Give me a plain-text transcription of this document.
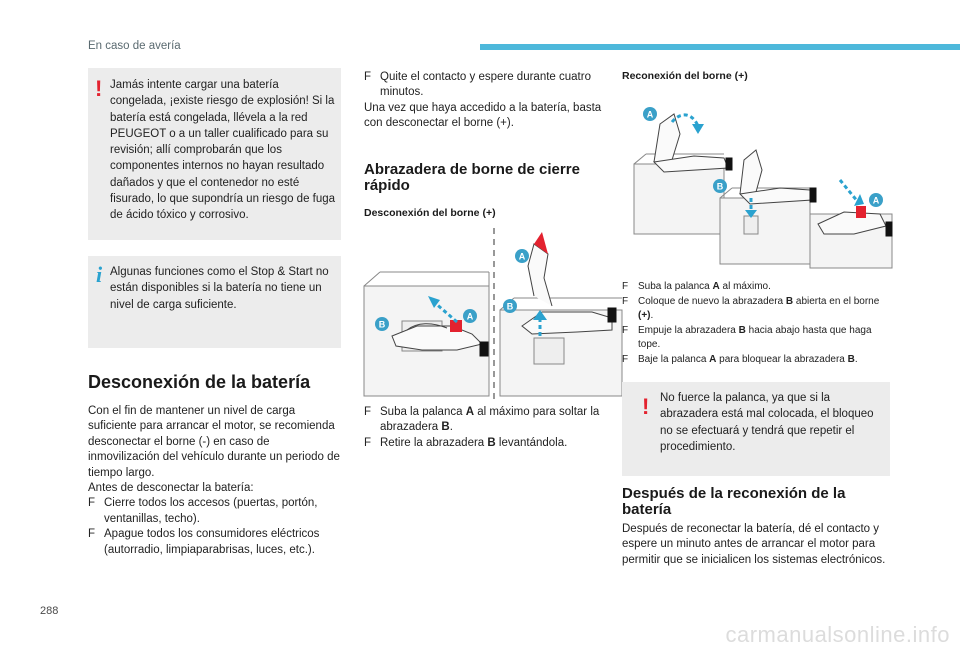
En caso de avería
! Jamás intente cargar una batería congelada, ¡existe riesgo de explosión! Si la batería está congelada, llévela a la red PEUGEOT o a un taller cualificado para su revisión; allí comprobarán que los componentes internos no hayan resultado dañados y que el contenedor no esté fisurado, lo que supondría un riesgo de fuga de ácido tóxico y corrosivo.
i Algunas funciones como el Stop & Start no están disponibles si la batería no tiene un nivel de carga suficiente.
Desconexión de la batería
Con el fin de mantener un nivel de carga suficiente para arrancar el motor, se recomienda desconectar el borne (-) en caso de inmovilización del vehículo durante un periodo de tiempo largo.
Antes de desconectar la batería:
F Cierre todos los accesos (puertas, portón, ventanillas, techo).
F Apague todos los consumidores eléctricos (autorradio, limpiaparabrisas, luces, etc.).
F Quite el contacto y espere durante cuatro minutos.
Una vez que haya accedido a la batería, basta con desconectar el borne (+).
Abrazadera de borne de cierre rápido
Desconexión del borne (+)
B
A
A
B
F Suba la palanca A al máximo para soltar la abrazadera B.
F Retire la abrazadera B levantándola.
Reconexión del borne (+)
A
B
A
F Suba la palanca A al máximo.
F Coloque de nuevo la abrazadera B abierta en el borne (+).
F Empuje la abrazadera B hacia abajo hasta que haga tope.
F Baje la palanca A para bloquear la abrazadera B.
! No fuerce la palanca, ya que si la abrazadera está mal colocada, el bloqueo no se efectuará y tendrá que repetir el procedimiento.
Después de la reconexión de la batería
Después de reconectar la batería, dé el contacto y espere un minuto antes de arrancar el motor para permitir que se inicialicen los sistemas electrónicos.
288
carmanualsonline.info
